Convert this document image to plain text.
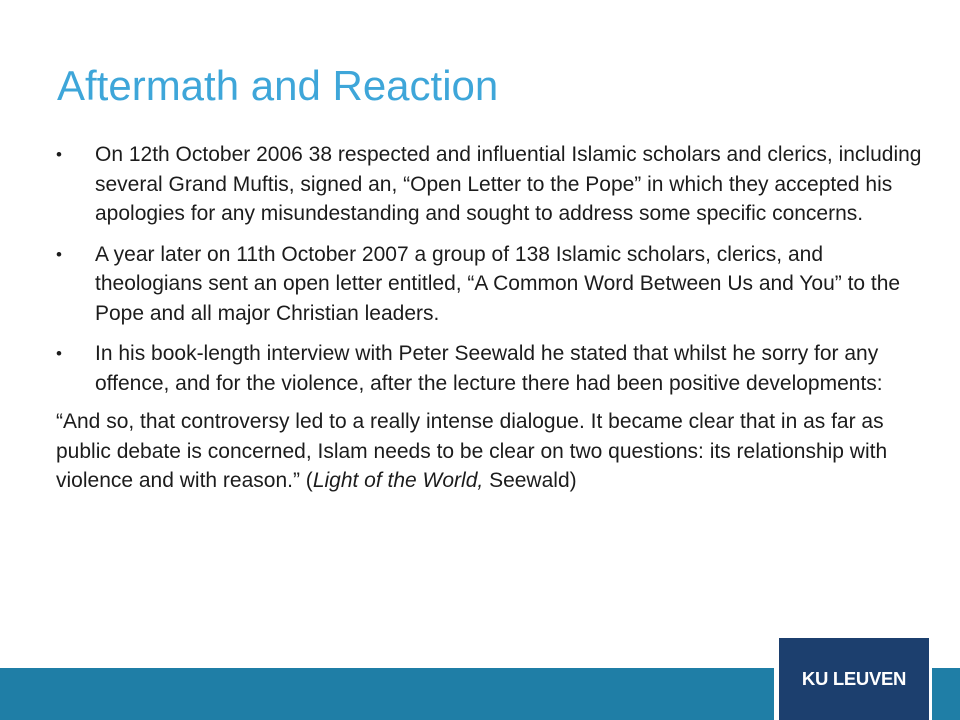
Aftermath and Reaction
• On 12th October 2006 38 respected and influential Islamic scholars and clerics, including several Grand Muftis, signed an, “Open Letter to the Pope” in which they accepted his apologies for any misundestanding and sought to address some specific concerns.
• A year later on 11th October 2007 a group of 138 Islamic scholars, clerics, and theologians sent an open letter entitled, “A Common Word Between Us and You” to the Pope and all major Christian leaders.
• In his book-length interview with Peter Seewald he stated that whilst he sorry for any offence, and for the violence, after the lecture there had been positive developments:

“And so, that controversy led to a really intense dialogue. It became clear that in as far as public debate is concerned, Islam needs to be clear on two questions: its relationship with violence and with reason.” (Light of the World, Seewald)

KU LEUVEN
